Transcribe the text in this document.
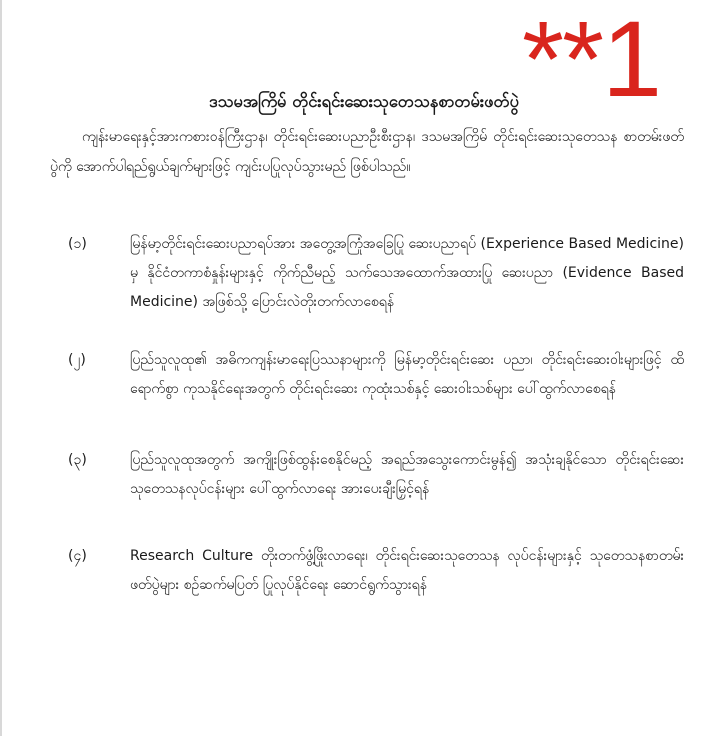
**1
ဒသမအကြိမ် တိုင်းရင်းဆေးသုတေသနစာတမ်းဖတ်ပွဲ

ကျန်းမာရေးနှင့်အားကစားဝန်ကြီးဌာန၊ တိုင်းရင်းဆေးပညာဦးစီးဌာန၊ ဒသမအကြိမ် တိုင်းရင်းဆေးသုတေသန စာတမ်းဖတ်ပွဲကို အောက်ပါရည်ရွယ်ချက်များဖြင့် ကျင်းပပြုလုပ်သွားမည် ဖြစ်ပါသည်။

(၁)	မြန်မာ့တိုင်းရင်းဆေးပညာရပ်အား အတွေ့အကြုံအခြေပြု ဆေးပညာရပ် (Experience Based Medicine) မှ နိုင်ငံတကာစံနှုန်းများနှင့် ကိုက်ညီမည့် သက်သေအထောက်အထားပြု ဆေးပညာ (Evidence Based Medicine) အဖြစ်သို့ ပြောင်းလဲတိုးတက်လာစေရန်

(၂)	ပြည်သူလူထု၏ အဓိကကျန်းမာရေးပြဿနာများကို မြန်မာ့တိုင်းရင်းဆေး ပညာ၊ တိုင်းရင်းဆေးဝါးများဖြင့် ထိရောက်စွာ ကုသနိုင်ရေးအတွက် တိုင်းရင်းဆေး ကုထုံးသစ်နှင့် ဆေးဝါးသစ်များ ပေါ်ထွက်လာစေရန်

(၃)	ပြည်သူလူထုအတွက် အကျိုးဖြစ်ထွန်းစေနိုင်မည့် အရည်အသွေးကောင်းမွန်၍ အသုံးချနိုင်သော တိုင်းရင်းဆေးသုတေသနလုပ်ငန်းများ ပေါ်ထွက်လာရေး အားပေးချီးမြှင့်ရန်

(၄)	Research Culture တိုးတက်ဖွံ့ဖြိုးလာရေး၊ တိုင်းရင်းဆေးသုတေသန လုပ်ငန်းများနှင့် သုတေသနစာတမ်းဖတ်ပွဲများ စဉ်ဆက်မပြတ် ပြုလုပ်နိုင်ရေး ဆောင်ရွက်သွားရန်
